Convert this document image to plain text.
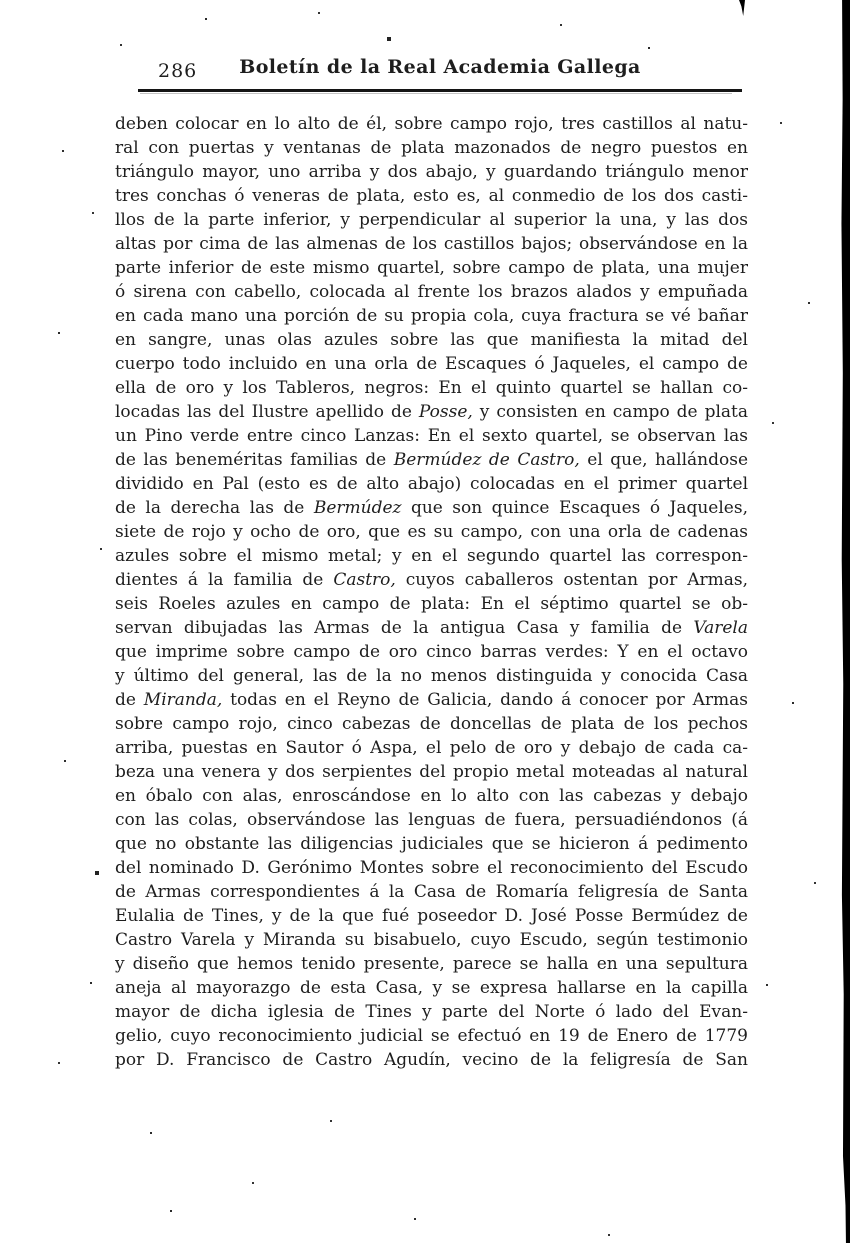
286	Boletín de la Real Academia Gallega
deben colocar en lo alto de él, sobre campo rojo, tres castillos al natu-
ral con puertas y ventanas de plata mazonados de negro puestos en
triángulo mayor, uno arriba y dos abajo, y guardando triángulo menor
tres conchas ó veneras de plata, esto es, al conmedio de los dos casti-
llos de la parte inferior, y perpendicular al superior la una, y las dos
altas por cima de las almenas de los castillos bajos; observándose en la
parte inferior de este mismo quartel, sobre campo de plata, una mujer
ó sirena con cabello, colocada al frente los brazos alados y empuñada
en cada mano una porción de su propia cola, cuya fractura se vé bañar
en sangre, unas olas azules sobre las que manifiesta la mitad del
cuerpo todo incluido en una orla de Escaques ó Jaqueles, el campo de
ella de oro y los Tableros, negros: En el quinto quartel se hallan co-
locadas las del Ilustre apellido de Posse, y consisten en campo de plata
un Pino verde entre cinco Lanzas: En el sexto quartel, se observan las
de las beneméritas familias de Bermúdez de Castro, el que, hallándose
dividido en Pal (esto es de alto abajo) colocadas en el primer quartel
de la derecha las de Bermúdez que son quince Escaques ó Jaqueles,
siete de rojo y ocho de oro, que es su campo, con una orla de cadenas
azules sobre el mismo metal; y en el segundo quartel las correspon-
dientes á la familia de Castro, cuyos caballeros ostentan por Armas,
seis Roeles azules en campo de plata: En el séptimo quartel se ob-
servan dibujadas las Armas de la antigua Casa y familia de Varela
que imprime sobre campo de oro cinco barras verdes: Y en el octavo
y último del general, las de la no menos distinguida y conocida Casa
de Miranda, todas en el Reyno de Galicia, dando á conocer por Armas
sobre campo rojo, cinco cabezas de doncellas de plata de los pechos
arriba, puestas en Sautor ó Aspa, el pelo de oro y debajo de cada ca-
beza una venera y dos serpientes del propio metal moteadas al natural
en óbalo con alas, enroscándose en lo alto con las cabezas y debajo
con las colas, observándose las lenguas de fuera, persuadiéndonos (á
que no obstante las diligencias judiciales que se hicieron á pedimento
del nominado D. Gerónimo Montes sobre el reconocimiento del Escudo
de Armas correspondientes á la Casa de Romaría feligresía de Santa
Eulalia de Tines, y de la que fué poseedor D. José Posse Bermúdez de
Castro Varela y Miranda su bisabuelo, cuyo Escudo, según testimonio
y diseño que hemos tenido presente, parece se halla en una sepultura
aneja al mayorazgo de esta Casa, y se expresa hallarse en la capilla
mayor de dicha iglesia de Tines y parte del Norte ó lado del Evan-
gelio, cuyo reconocimiento judicial se efectuó en 19 de Enero de 1779
por D. Francisco de Castro Agudín, vecino de la feligresía de San
